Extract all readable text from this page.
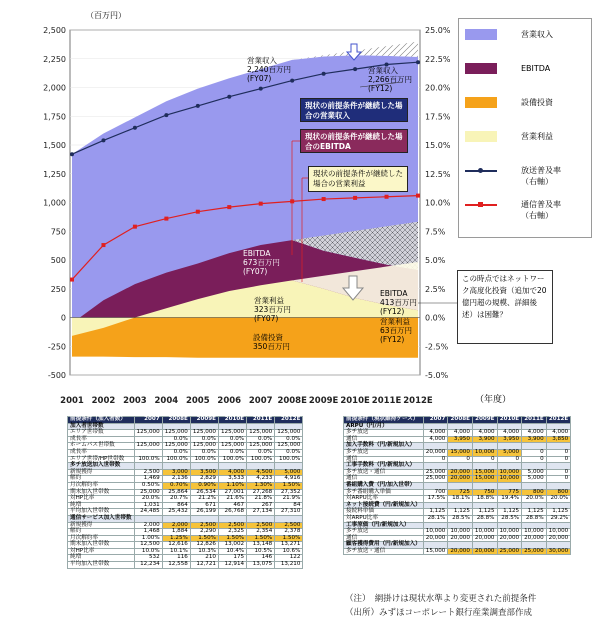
2,500
2,250
2,000
1,750
1,500
1,250
1,000
750
500
250
0
-250
-500
25.0%
22.5%
20.0%
17.5%
15.0%
12.5%
10.0%
7.5%
5.0%
2.5%
0.0%
-2.5%
-5.0%
2001 2002 2003 2004 2005 2006 2007 2008E 2009E 2010E 2011E 2012E
営業収入
2,240百万円
(FY07)
営業収入
2,266百万円
(FY12)
EBITDA
673百万円
(FY07)
EBITDA
413百万円
(FY12)
営業利益
323百万円
(FY07)	営業利益
63百万円
(FY12)
設備投資
350百万円
（百万円）
（年度）
営業収入
EBITDA
設備投資
営業利益
放送普及率
（右軸）
通信普及率
（右軸）
現状の前提条件が継続した場合の営業収入
現状の前提条件が継続した場合のEBITDA
現状の前提条件が継続した場合の営業利益
この時点ではネットワーク高度化投資（追加で20億円超の規模、詳細後述）は困難？
前提条件（加入者数）	2007	2008E	2009E	2010E	2011E	2012E
加入者世帯数						
エリア世帯数	125,000	125,000	125,000	125,000	125,000	125,000
成長率		0.0%	0.0%	0.0%	0.0%	0.0%
ホームパス世帯数	125,000	125,000	125,000	125,000	125,000	125,000
成長率		0.0%	0.0%	0.0%	0.0%	0.0%
エリア世帯/HP世帯数	100.0%	100.0%	100.0%	100.0%	100.0%	100.0%
多チ放送加入世帯数						
新規獲得	2,500	3,000	3,500	4,000	4,500	5,000
解約	1,469	2,136	2,829	3,533	4,233	4,916
月次解約率	0.50%	0.70%	0.90%	1.10%	1.30%	1.50%
期末加入世帯数	25,000	25,864	26,534	27,001	27,268	27,352
対HP比率	20.0%	20.7%	21.2%	21.6%	21.8%	21.9%
純増	1,031	864	671	467	267	84
平均加入世帯数	24,485	25,432	26,199	26,768	27,134	27,310
通信サービス加入世帯数						
新規獲得	2,000	2,000	2,500	2,500	2,500	2,500
解約	1,468	1,884	2,290	2,325	2,354	2,378
月次解約率	1.00%	1.25%	1.50%	1.50%	1.50%	1.50%
期末加入世帯数	12,500	12,616	12,826	13,002	13,148	13,271
対HP比率	10.0%	10.1%	10.3%	10.4%	10.5%	10.6%
純増	532	116	210	175	146	122
平均加入世帯数	12,234	12,558	12,721	12,914	13,075	13,210
前提条件（現状維持ケース）	2007	2008E	2009E	2010E	2011E	2012E
ARPU（円/月）						
多チ放送	4,000	4,000	4,000	4,000	4,000	4,000
通信	4,000	3,950	3,900	3,950	3,900	3,850
加入手数料（円/新規加入）						
多チ放送	20,000	15,000	10,000	5,000	0	0
通信	0	0	0	0	0	0
工事手数料（円/新規加入）						
多チ放送・通信	25,000	20,000	15,000	10,000	5,000	0
通信	25,000	20,000	15,000	10,000	5,000	0
番組購入費（円/加入世帯）						
多チ番組購入単価	700	725	750	775	800	800
対ARPU比率	17.5%	18.1%	18.8%	19.4%	20.0%	20.0%
ネット接続費（円/新規加入）						
接続料単価	1,125	1,125	1,125	1,125	1,125	1,125
対ARPU比率	28.1%	28.5%	28.8%	28.5%	28.8%	29.2%
工事原価（円/新規加入）						
多チ放送	10,000	10,000	10,000	10,000	10,000	10,000
通信	20,000	20,000	20,000	20,000	20,000	20,000
顧客獲得費用（円/新規加入）						
多チ放送・通信	15,000	20,000	20,000	25,000	25,000	30,000
（注）　網掛けは現状水準より変更された前提条件
（出所）みずほコーポレート銀行産業調査部作成
